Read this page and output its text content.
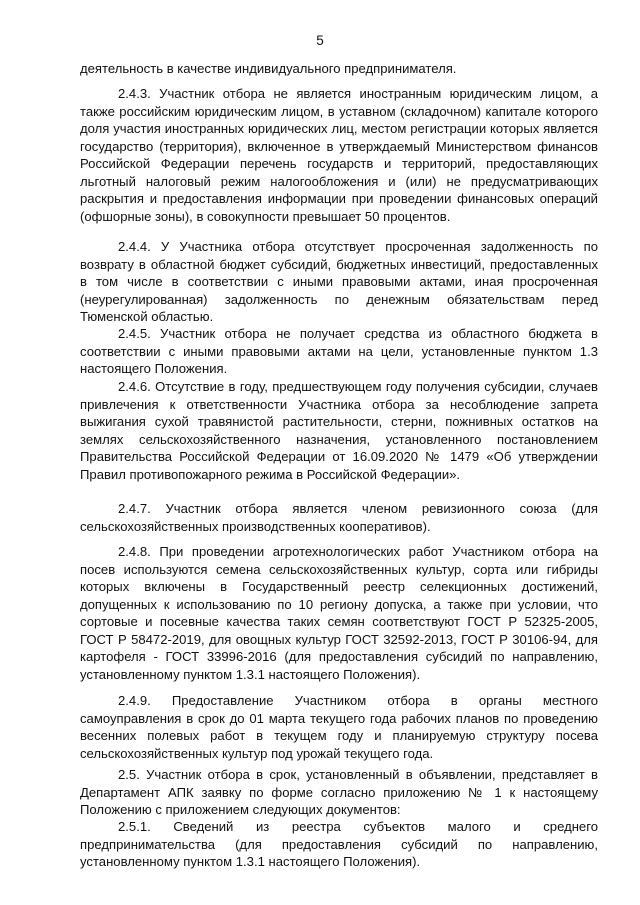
5

деятельность в качестве индивидуального предпринимателя.

2.4.3. Участник отбора не является иностранным юридическим лицом, а также российским юридическим лицом, в уставном (складочном) капитале которого доля участия иностранных юридических лиц, местом регистрации которых является государство (территория), включенное в утверждаемый Министерством финансов Российской Федерации перечень государств и территорий, предоставляющих льготный налоговый режим налогообложения и (или) не предусматривающих раскрытия и предоставления информации при проведении финансовых операций (офшорные зоны), в совокупности превышает 50 процентов.

2.4.4. У Участника отбора отсутствует просроченная задолженность по возврату в областной бюджет субсидий, бюджетных инвестиций, предоставленных в том числе в соответствии с иными правовыми актами, иная просроченная (неурегулированная) задолженность по денежным обязательствам перед Тюменской областью.

2.4.5. Участник отбора не получает средства из областного бюджета в соответствии с иными правовыми актами на цели, установленные пунктом 1.3 настоящего Положения.

2.4.6. Отсутствие в году, предшествующем году получения субсидии, случаев привлечения к ответственности Участника отбора за несоблюдение запрета выжигания сухой травянистой растительности, стерни, пожнивных остатков на землях сельскохозяйственного назначения, установленного постановлением Правительства Российской Федерации от 16.09.2020 № 1479 «Об утверждении Правил противопожарного режима в Российской Федерации».

2.4.7. Участник отбора является членом ревизионного союза (для сельскохозяйственных производственных кооперативов).

2.4.8. При проведении агротехнологических работ Участником отбора на посев используются семена сельскохозяйственных культур, сорта или гибриды которых включены в Государственный реестр селекционных достижений, допущенных к использованию по 10 региону допуска, а также при условии, что сортовые и посевные качества таких семян соответствуют ГОСТ Р 52325-2005, ГОСТ Р 58472-2019, для овощных культур ГОСТ 32592-2013, ГОСТ Р 30106-94, для картофеля - ГОСТ 33996-2016 (для предоставления субсидий по направлению, установленному пунктом 1.3.1 настоящего Положения).

2.4.9. Предоставление Участником отбора в органы местного самоуправления в срок до 01 марта текущего года рабочих планов по проведению весенних полевых работ в текущем году и планируемую структуру посева сельскохозяйственных культур под урожай текущего года.

2.5. Участник отбора в срок, установленный в объявлении, представляет в Департамент АПК заявку по форме согласно приложению № 1 к настоящему Положению с приложением следующих документов:

2.5.1. Сведений из реестра субъектов малого и среднего предпринимательства (для предоставления субсидий по направлению, установленному пунктом 1.3.1 настоящего Положения).
